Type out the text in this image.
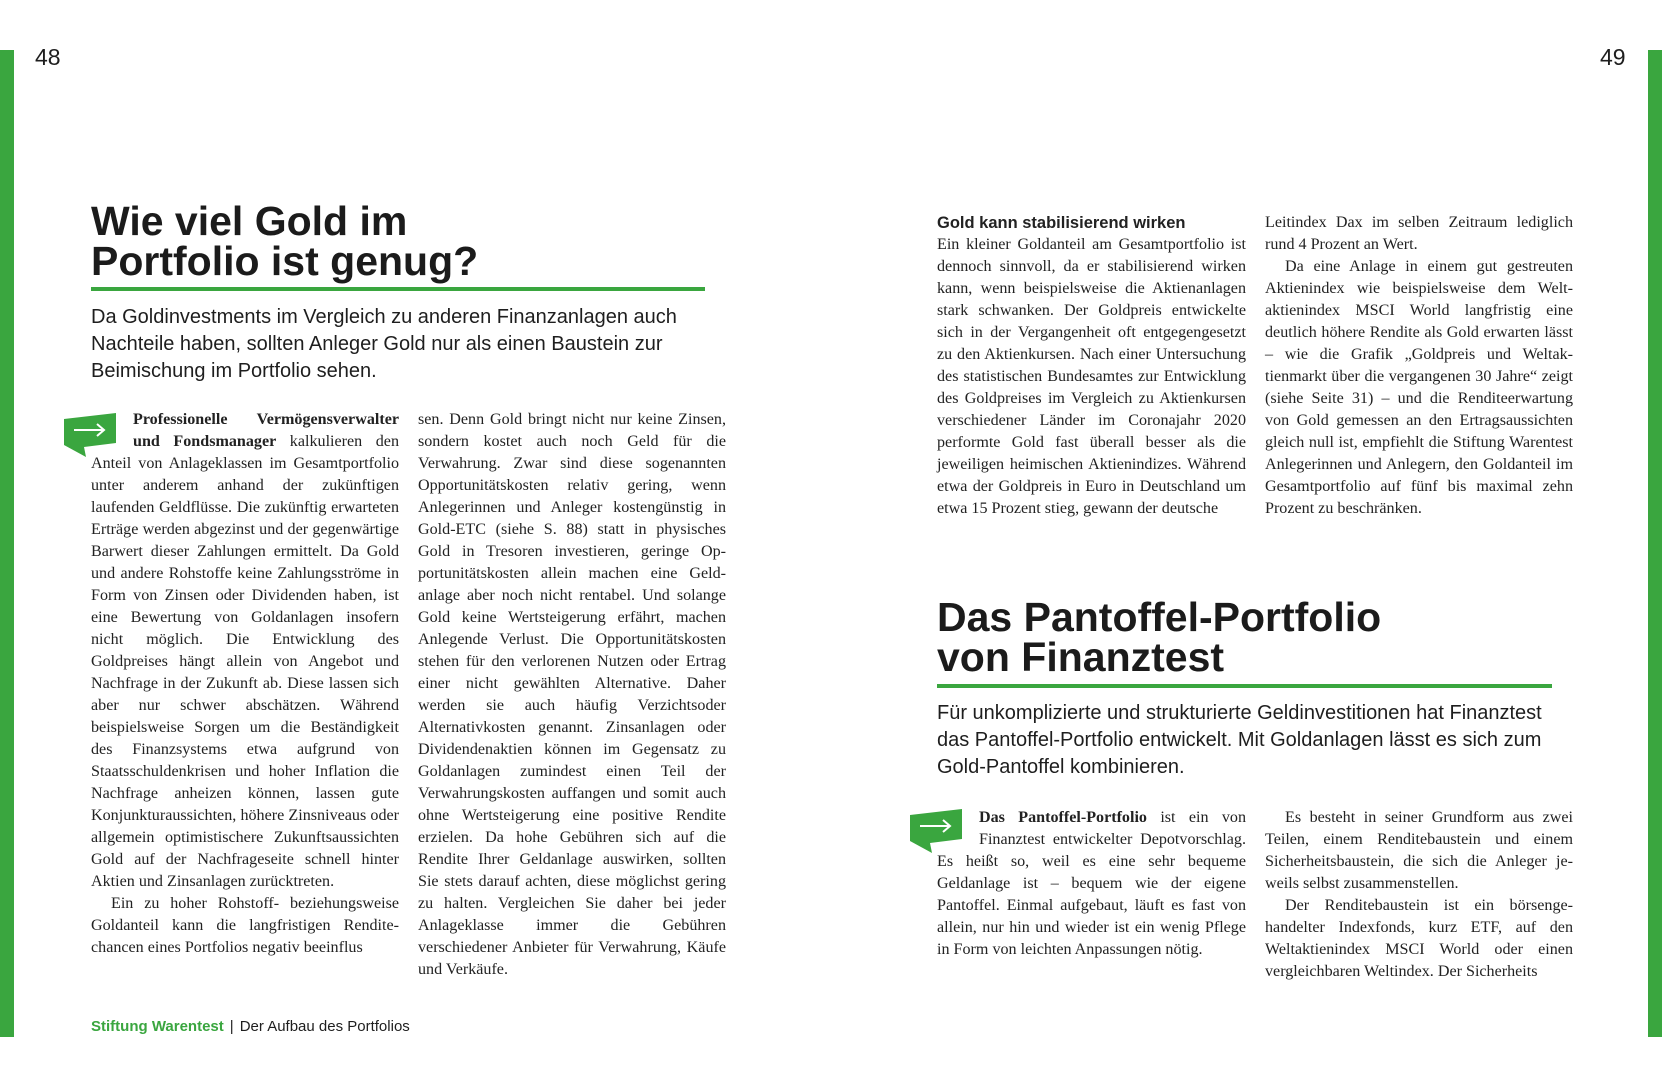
48
Wie viel Gold im
Portfolio ist genug?

Da Goldinvestments im Vergleich zu anderen Finanzanlagen auch Nachteile haben, sollten Anleger Gold nur als einen Baustein zur Beimischung im Portfolio sehen.

Professionelle Vermögensverwalter und Fondsmanager kalkulieren den Anteil von Anlageklassen im Gesamtportfolio unter anderem anhand der zukünftigen laufenden Geldflüsse. Die zukünftig erwarteten Erträge werden abgezinst und der gegenwärtige Barwert dieser Zahlungen ermittelt. Da Gold und andere Rohstoffe keine Zahlungsströme in Form von Zinsen oder Dividenden haben, ist eine Bewertung von Goldanlagen insofern nicht möglich. Die Entwicklung des Goldpreises hängt allein von Angebot und Nachfrage in der Zukunft ab. Diese lassen sich aber nur schwer abschätzen. Während beispielsweise Sorgen um die Beständigkeit des Finanzsystems etwa aufgrund von Staatsschuldenkrisen und hoher Inflation die Nachfrage anheizen können, lassen gute Konjunkturaussichten, höhere Zinsniveaus oder allgemein optimistischere Zukunftsaussichten Gold auf der Nachfrageseite schnell hinter Aktien und Zinsanlagen zurücktreten.

Ein zu hoher Rohstoff- beziehungsweise Goldanteil kann die langfristigen Renditechancen eines Portfolios negativ beeinflus

sen. Denn Gold bringt nicht nur keine Zinsen, sondern kostet auch noch Geld für die Verwahrung. Zwar sind diese sogenannten Opportunitätskosten relativ gering, wenn Anlegerinnen und Anleger kostengünstig in Gold-ETC (siehe S. 88) statt in physisches Gold in Tresoren investieren, geringe Opportunitätskosten allein machen eine Geldanlage aber noch nicht rentabel. Und solange Gold keine Wertsteigerung erfährt, machen Anlegende Verlust. Die Opportunitätskosten stehen für den verlorenen Nutzen oder Ertrag einer nicht gewählten Alternative. Daher werden sie auch häufig Verzichtsoder Alternativkosten genannt. Zinsanlagen oder Dividendenaktien können im Gegensatz zu Goldanlagen zumindest einen Teil der Verwahrungskosten auffangen und somit auch ohne Wertsteigerung eine positive Rendite erzielen. Da hohe Gebühren sich auf die Rendite Ihrer Geldanlage auswirken, sollten Sie stets darauf achten, diese möglichst gering zu halten. Vergleichen Sie daher bei jeder Anlageklasse immer die Gebühren verschiedener Anbieter für Verwahrung, Käufe und Verkäufe.

Stiftung Warentest | Der Aufbau des Portfolios
49

Gold kann stabilisierend wirken

Ein kleiner Goldanteil am Gesamtportfolio ist dennoch sinnvoll, da er stabilisierend wirken kann, wenn beispielsweise die Aktienanlagen stark schwanken. Der Goldpreis entwickelte sich in der Vergangenheit oft entgegengesetzt zu den Aktienkursen. Nach einer Untersuchung des statistischen Bundesamtes zur Entwicklung des Goldpreises im Vergleich zu Aktienkursen verschiedener Länder im Coronajahr 2020 performte Gold fast überall besser als die jeweiligen heimischen Aktienindizes. Während etwa der Goldpreis in Euro in Deutschland um etwa 15 Prozent stieg, gewann der deutsche

Leitindex Dax im selben Zeitraum lediglich rund 4 Prozent an Wert.

Da eine Anlage in einem gut gestreuten Aktienindex wie beispielsweise dem Weltaktienindex MSCI World langfristig eine deutlich höhere Rendite als Gold erwarten lässt – wie die Grafik „Goldpreis und Weltaktienmarkt über die vergangenen 30 Jahre“ zeigt (siehe Seite 31) – und die Renditeerwartung von Gold gemessen an den Ertragsaussichten gleich null ist, empfiehlt die Stiftung Warentest Anlegerinnen und Anlegern, den Goldanteil im Gesamtportfolio auf fünf bis maximal zehn Prozent zu beschränken.

Das Pantoffel-Portfolio
von Finanztest

Für unkomplizierte und strukturierte Geldinvestitionen hat Finanztest das Pantoffel-Portfolio entwickelt. Mit Goldanlagen lässt es sich zum Gold-Pantoffel kombinieren.

Das Pantoffel-Portfolio ist ein von Finanztest entwickelter Depotvorschlag. Es heißt so, weil es eine sehr bequeme Geldanlage ist – bequem wie der eigene Pantoffel. Einmal aufgebaut, läuft es fast von allein, nur hin und wieder ist ein wenig Pflege in Form von leichten Anpassungen nötig.

Es besteht in seiner Grundform aus zwei Teilen, einem Renditebaustein und einem Sicherheitsbaustein, die sich die Anleger jeweils selbst zusammenstellen.

Der Renditebaustein ist ein börsengehandelter Indexfonds, kurz ETF, auf den Weltaktienindex MSCI World oder einen vergleichbaren Weltindex. Der Sicherheits
